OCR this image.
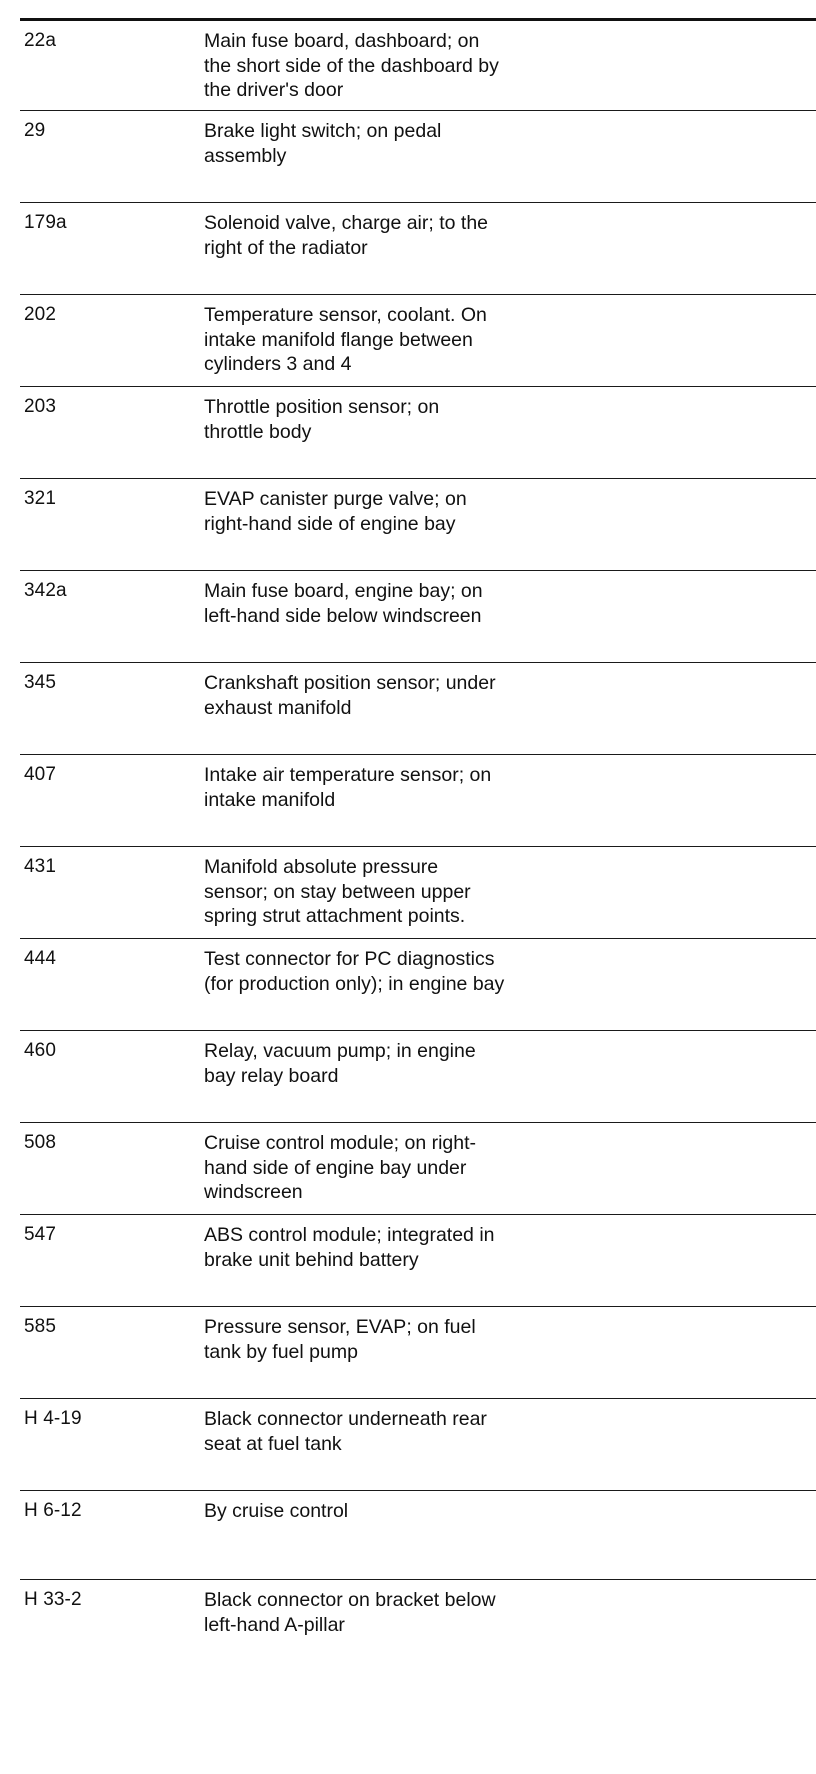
22a	Main fuse board, dashboard; on
the short side of the dashboard by
the driver's door
29	Brake light switch; on pedal
assembly
179a	Solenoid valve, charge air; to the
right of the radiator
202	Temperature sensor, coolant. On
intake manifold flange between
cylinders 3 and 4
203	Throttle position sensor; on
throttle body
321	EVAP canister purge valve; on
right-hand side of engine bay
342a	Main fuse board, engine bay; on
left-hand side below windscreen
345	Crankshaft position sensor; under
exhaust manifold
407	Intake air temperature sensor; on
intake manifold
431	Manifold absolute pressure
sensor; on stay between upper
spring strut attachment points.
444	Test connector for PC diagnostics
(for production only); in engine bay
460	Relay, vacuum pump; in engine
bay relay board
508	Cruise control module; on right-
hand side of engine bay under
windscreen
547	ABS control module; integrated in
brake unit behind battery
585	Pressure sensor, EVAP; on fuel
tank by fuel pump
H 4-19	Black connector underneath rear
seat at fuel tank
H 6-12	By cruise control
H 33-2	Black connector on bracket below
left-hand A-pillar
